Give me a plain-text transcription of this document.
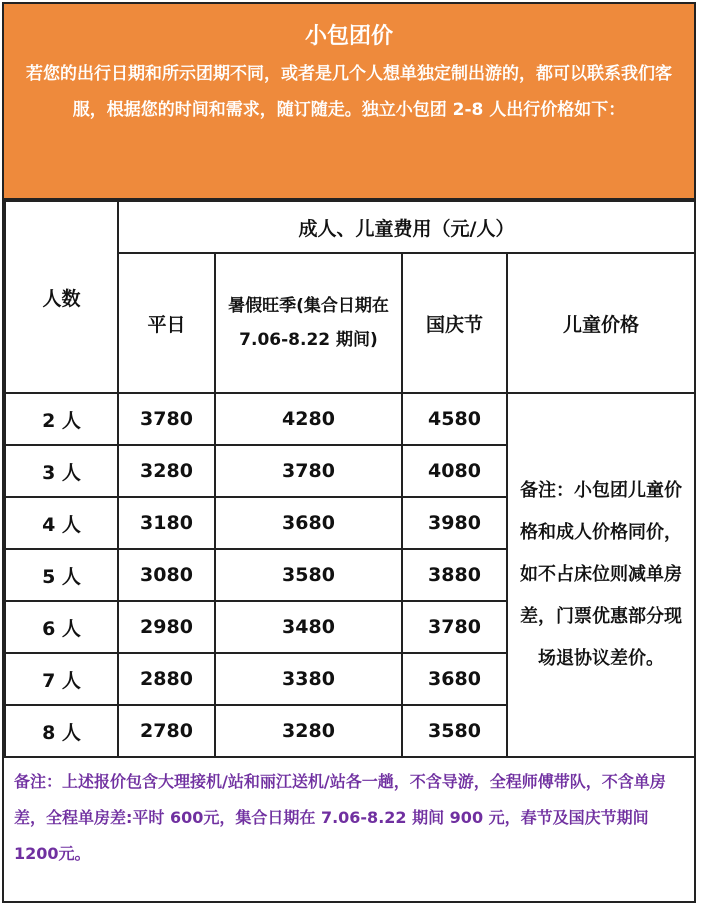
小包团价
若您的出行日期和所示团期不同，或者是几个人想单独定制出游的，都可以联系我们客服，根据您的时间和需求，随订随走。独立小包团 2-8 人出行价格如下：
人数	成人、儿童费用（元/人）			
	平日	暑假旺季(集合日期在 7.06-8.22 期间)	国庆节	儿童价格
2 人	3780	4280	4580	备注：小包团儿童价格和成人价格同价，如不占床位则减单房差，门票优惠部分现场退协议差价。
3 人	3280	3780	4080	
4 人	3180	3680	3980	
5 人	3080	3580	3880	
6 人	2980	3480	3780	
7 人	2880	3380	3680	
8 人	2780	3280	3580	
备注：上述报价包含大理接机/站和丽江送机/站各一趟，不含导游，全程师傅带队，不含单房差，全程单房差:平时 600元，集合日期在 7.06-8.22 期间 900 元，春节及国庆节期间1200元。
